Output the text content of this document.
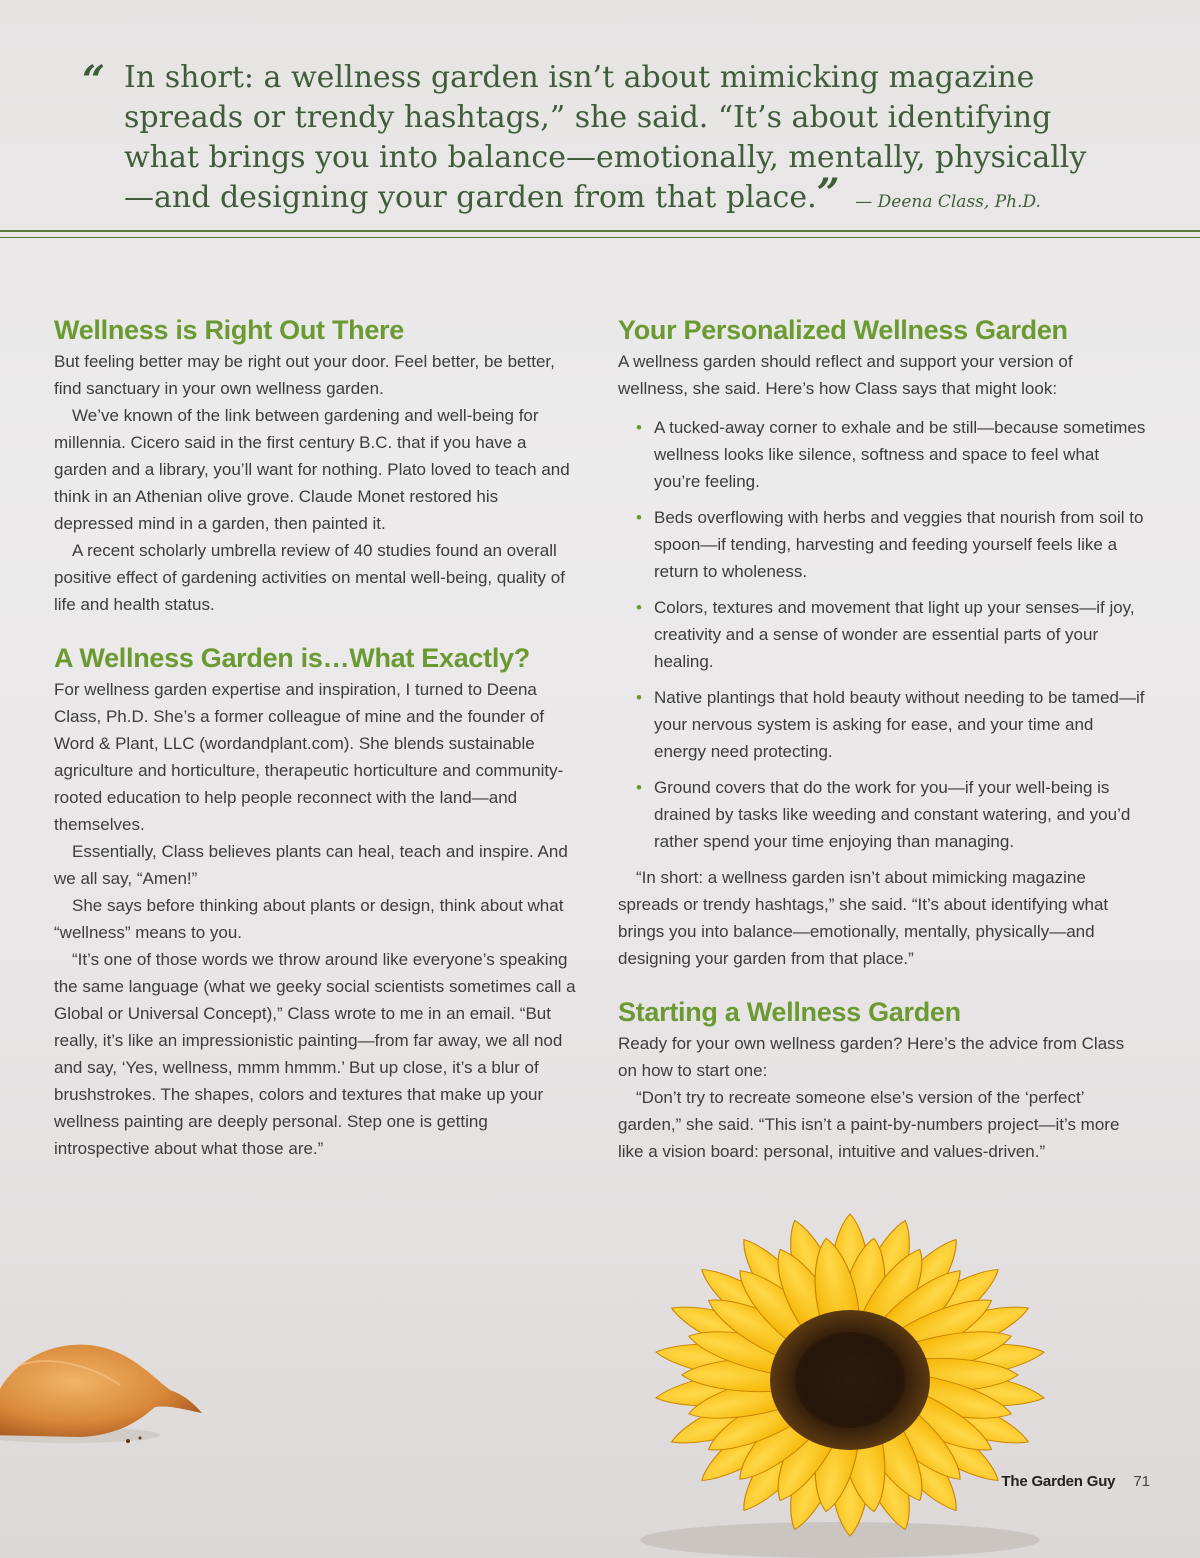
“ In short: a wellness garden isn’t about mimicking magazine spreads or trendy hashtags,” she said. “It’s about identifying what brings you into balance—emotionally, mentally, physically—and designing your garden from that place.” — Deena Class, Ph.D.
Wellness is Right Out There

But feeling better may be right out your door. Feel better, be better, find sanctuary in your own wellness garden.

We’ve known of the link between gardening and well-being for millennia. Cicero said in the first century B.C. that if you have a garden and a library, you’ll want for nothing. Plato loved to teach and think in an Athenian olive grove. Claude Monet restored his depressed mind in a garden, then painted it.

A recent scholarly umbrella review of 40 studies found an overall positive effect of gardening activities on mental well-being, quality of life and health status.

A Wellness Garden is…What Exactly?

For wellness garden expertise and inspiration, I turned to Deena Class, Ph.D. She’s a former colleague of mine and the founder of Word & Plant, LLC (wordandplant.com). She blends sustainable agriculture and horticulture, therapeutic horticulture and community-rooted education to help people reconnect with the land—and themselves.

Essentially, Class believes plants can heal, teach and inspire. And we all say, “Amen!”

She says before thinking about plants or design, think about what “wellness” means to you.

“It’s one of those words we throw around like everyone’s speaking the same language (what we geeky social scientists sometimes call a Global or Universal Concept),” Class wrote to me in an email. “But really, it’s like an impressionistic painting—from far away, we all nod and say, ‘Yes, wellness, mmm hmmm.’ But up close, it’s a blur of brushstrokes. The shapes, colors and textures that make up your wellness painting are deeply personal. Step one is getting introspective about what those are.”

Your Personalized Wellness Garden

A wellness garden should reflect and support your version of wellness, she said. Here’s how Class says that might look:

• A tucked-away corner to exhale and be still—because sometimes wellness looks like silence, softness and space to feel what you’re feeling.
• Beds overflowing with herbs and veggies that nourish from soil to spoon—if tending, harvesting and feeding yourself feels like a return to wholeness.
• Colors, textures and movement that light up your senses—if joy, creativity and a sense of wonder are essential parts of your healing.
• Native plantings that hold beauty without needing to be tamed—if your nervous system is asking for ease, and your time and energy need protecting.
• Ground covers that do the work for you—if your well-being is drained by tasks like weeding and constant watering, and you’d rather spend your time enjoying than managing.

“In short: a wellness garden isn’t about mimicking magazine spreads or trendy hashtags,” she said. “It’s about identifying what brings you into balance—emotionally, mentally, physically—and designing your garden from that place.”

Starting a Wellness Garden

Ready for your own wellness garden? Here’s the advice from Class on how to start one:

“Don’t try to recreate someone else’s version of the ‘perfect’ garden,” she said. “This isn’t a paint-by-numbers project—it’s more like a vision board: personal, intuitive and values-driven.”

The Garden Guy 71
